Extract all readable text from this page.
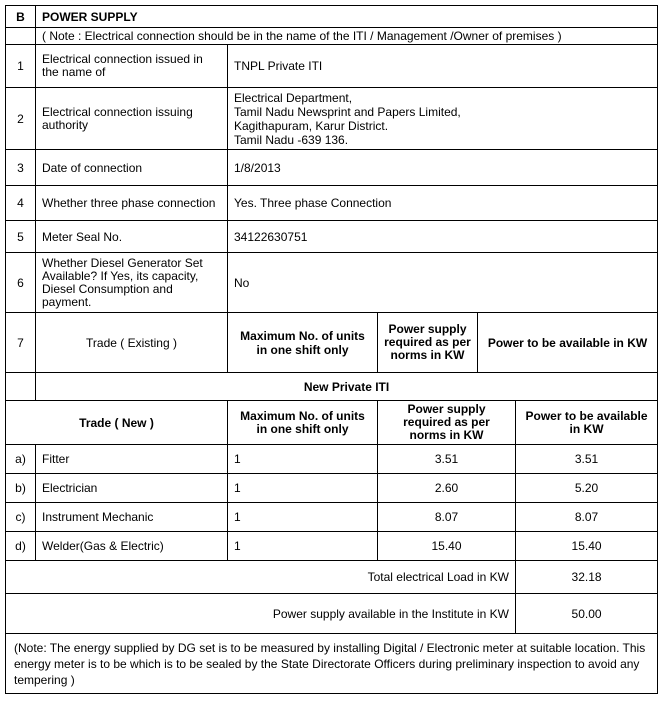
B	POWER SUPPLY				
	( Note : Electrical connection should be in the name of the ITI / Management /Owner of premises )				
1	Electrical connection issued in the name of	TNPL Private ITI			
2	Electrical connection issuing authority	Electrical Department,
Tamil Nadu Newsprint and Papers Limited,
Kagithapuram, Karur District.
Tamil Nadu -639 136.			

3	Date of connection	1/8/2013			
4	Whether three phase connection	Yes. Three phase Connection			
5	Meter Seal No.	34122630751			
6	Whether Diesel Generator Set Available? If Yes, its capacity, Diesel Consumption and payment.	No			
7	Trade ( Existing )	Maximum No. of units in one shift only	Power supply required as per norms in KW	Power to be available in KW	
	New Private ITI				
Trade ( New )		Maximum No. of units in one shift only	Power supply required as per norms in KW		Power to be available in KW
a)	Fitter	1	3.51		3.51
b)	Electrician	1	2.60		5.20
c)	Instrument Mechanic	1	8.07		8.07
d)	Welder(Gas & Electric)	1	15.40		15.40
Total electrical Load in KW					32.18
Power supply available in the Institute in KW					50.00
(Note: The energy supplied by DG set is to be measured by installing Digital / Electronic meter at suitable location. This energy meter is to be which is to be sealed by the State Directorate Officers during preliminary inspection to avoid any tempering )					
